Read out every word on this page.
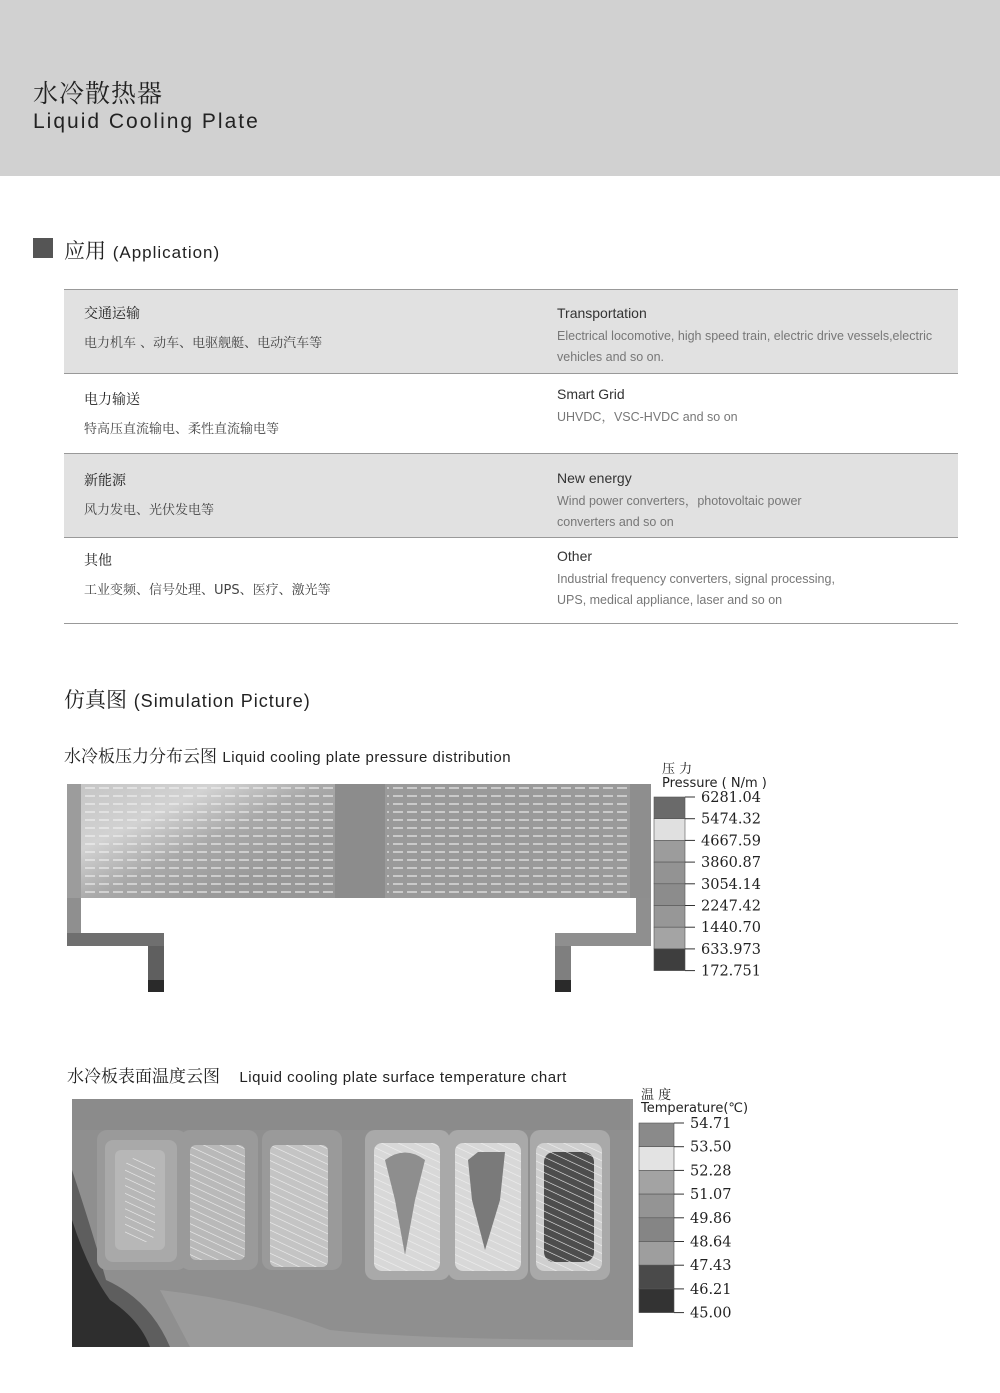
水冷散热器
Liquid Cooling Plate
应用 (Application)
交通运输
电力机车 、动车、电驱舰艇、电动汽车等
Transportation
Electrical locomotive, high speed train, electric drive vessels,electric vehicles and so on.
电力输送
特高压直流输电、柔性直流输电等
Smart Grid
UHVDC，VSC-HVDC and so on
新能源
风力发电、光伏发电等
New energy
Wind power converters，photovoltaic power converters and so on
其他
工业变频、信号处理、UPS、医疗、激光等
Other
Industrial frequency converters, signal processing, UPS, medical appliance, laser and so on
仿真图 (Simulation Picture)
水冷板压力分布云图 Liquid cooling plate pressure distribution
压 力
Pressure ( N/m )
6281.04
5474.32
4667.59
3860.87
3054.14
2247.42
1440.70
633.973
172.751
水冷板表面温度云图 Liquid cooling plate surface temperature chart
温 度
Temperature(℃)
54.71
53.50
52.28
51.07
49.86
48.64
47.43
46.21
45.00
